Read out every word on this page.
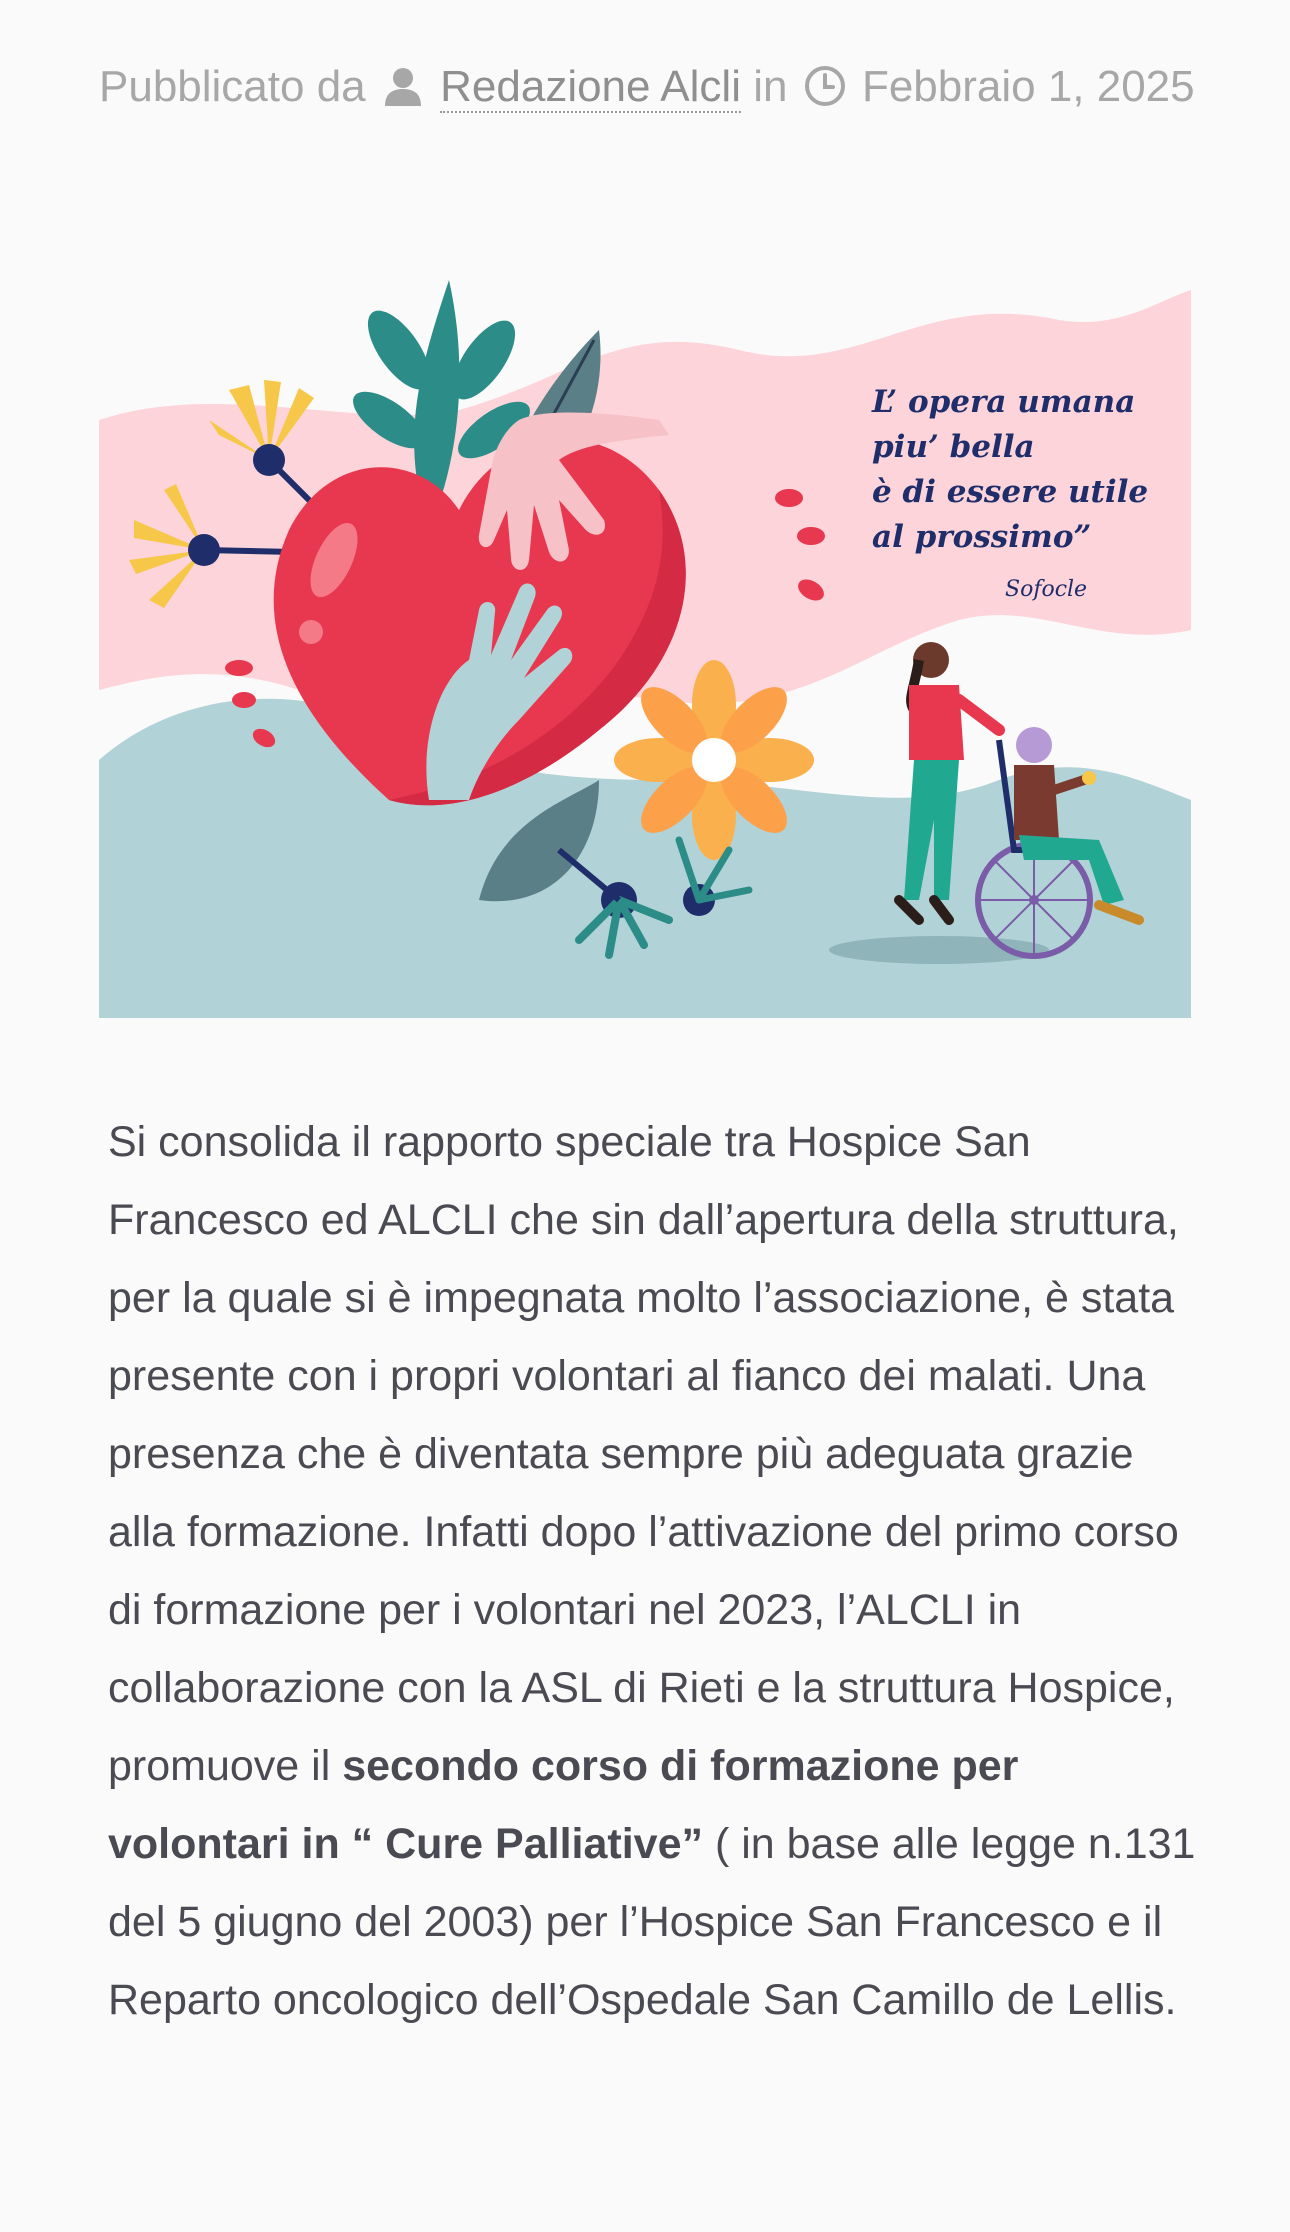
Pubblicato da Redazione Alcli in Febbraio 1, 2025
L’ opera umana
piu’ bella
è di essere utile
al prossimo”
Sofocle

Si consolida il rapporto speciale tra Hospice San Francesco ed ALCLI che sin dall’apertura della struttura, per la quale si è impegnata molto l’associazione, è stata presente con i propri volontari al fianco dei malati. Una presenza che è diventata sempre più adeguata grazie alla formazione. Infatti dopo l’attivazione del primo corso di formazione per i volontari nel 2023, l’ALCLI in collaborazione con la ASL di Rieti e la struttura Hospice, promuove il secondo corso di formazione per volontari in “ Cure Palliative” ( in base alle legge n.131 del 5 giugno del 2003) per l’Hospice San Francesco e il Reparto oncologico dell’Ospedale San Camillo de Lellis.
